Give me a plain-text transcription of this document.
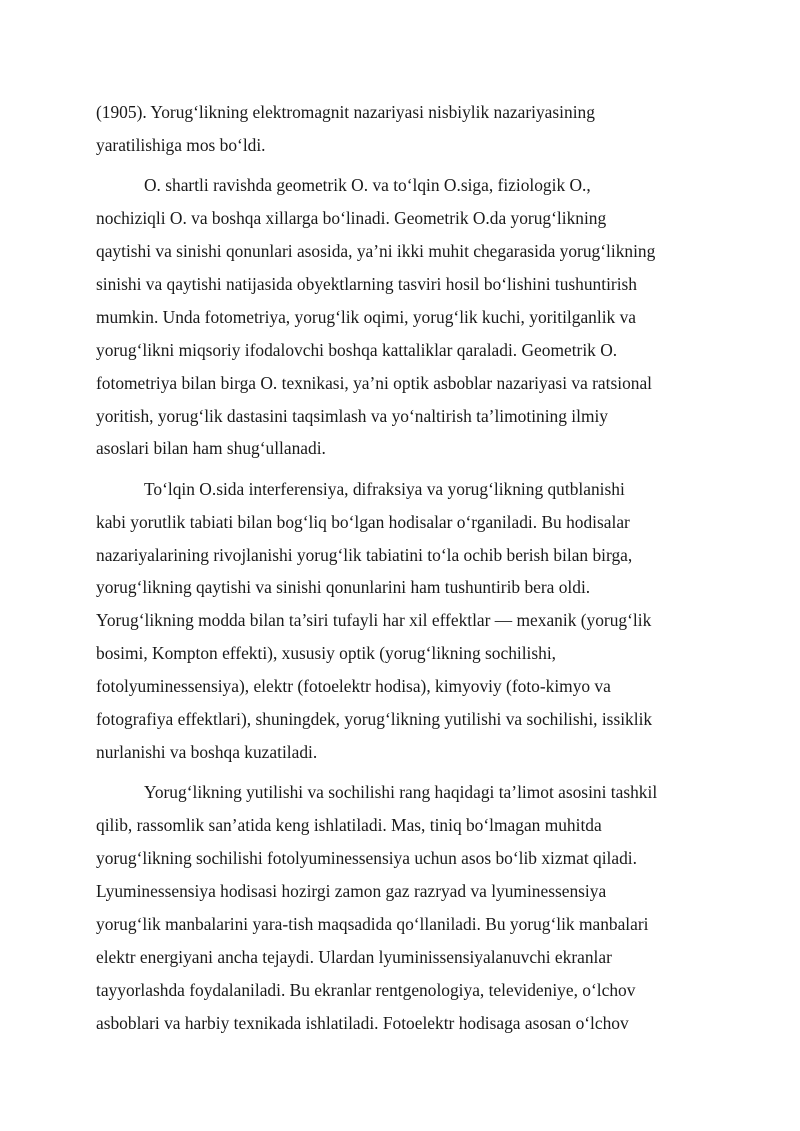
(1905). Yorug‘likning elektromagnit nazariyasi nisbiylik nazariyasining
yaratilishiga mos bo‘ldi.
O. shartli ravishda geometrik O. va to‘lqin O.siga, fiziologik O.,
nochiziqli O. va boshqa xillarga bo‘linadi. Geometrik O.da yorug‘likning
qaytishi va sinishi qonunlari asosida, ya’ni ikki muhit chegarasida yorug‘likning
sinishi va qaytishi natijasida obyektlarning tasviri hosil bo‘lishini tushuntirish
mumkin. Unda fotometriya, yorug‘lik oqimi, yorug‘lik kuchi, yoritilganlik va
yorug‘likni miqsoriy ifodalovchi boshqa kattaliklar qaraladi. Geometrik O.
fotometriya bilan birga O. texnikasi, ya’ni optik asboblar nazariyasi va ratsional
yoritish, yorug‘lik dastasini taqsimlash va yo‘naltirish ta’limotining ilmiy
asoslari bilan ham shug‘ullanadi.
To‘lqin O.sida interferensiya, difraksiya va yorug‘likning qutblanishi
kabi yorutlik tabiati bilan bog‘liq bo‘lgan hodisalar o‘rganiladi. Bu hodisalar
nazariyalarining rivojlanishi yorug‘lik tabiatini to‘la ochib berish bilan birga,
yorug‘likning qaytishi va sinishi qonunlarini ham tushuntirib bera oldi.
Yorug‘likning modda bilan ta’siri tufayli har xil effektlar — mexanik (yorug‘lik
bosimi, Kompton effekti), xususiy optik (yorug‘likning sochilishi,
fotolyuminessensiya), elektr (fotoelektr hodisa), kimyoviy (foto-kimyo va
fotografiya effektlari), shuningdek, yorug‘likning yutilishi va sochilishi, issiklik
nurlanishi va boshqa kuzatiladi.
Yorug‘likning yutilishi va sochilishi rang haqidagi ta’limot asosini tashkil
qilib, rassomlik san’atida keng ishlatiladi. Mas, tiniq bo‘lmagan muhitda
yorug‘likning sochilishi fotolyuminessensiya uchun asos bo‘lib xizmat qiladi.
Lyuminessensiya hodisasi hozirgi zamon gaz razryad va lyuminessensiya
yorug‘lik manbalarini yara-tish maqsadida qo‘llaniladi. Bu yorug‘lik manbalari
elektr energiyani ancha tejaydi. Ulardan lyuminissensiyalanuvchi ekranlar
tayyorlashda foydalaniladi. Bu ekranlar rentgenologiya, televideniye, o‘lchov
asboblari va harbiy texnikada ishlatiladi. Fotoelektr hodisaga asosan o‘lchov
